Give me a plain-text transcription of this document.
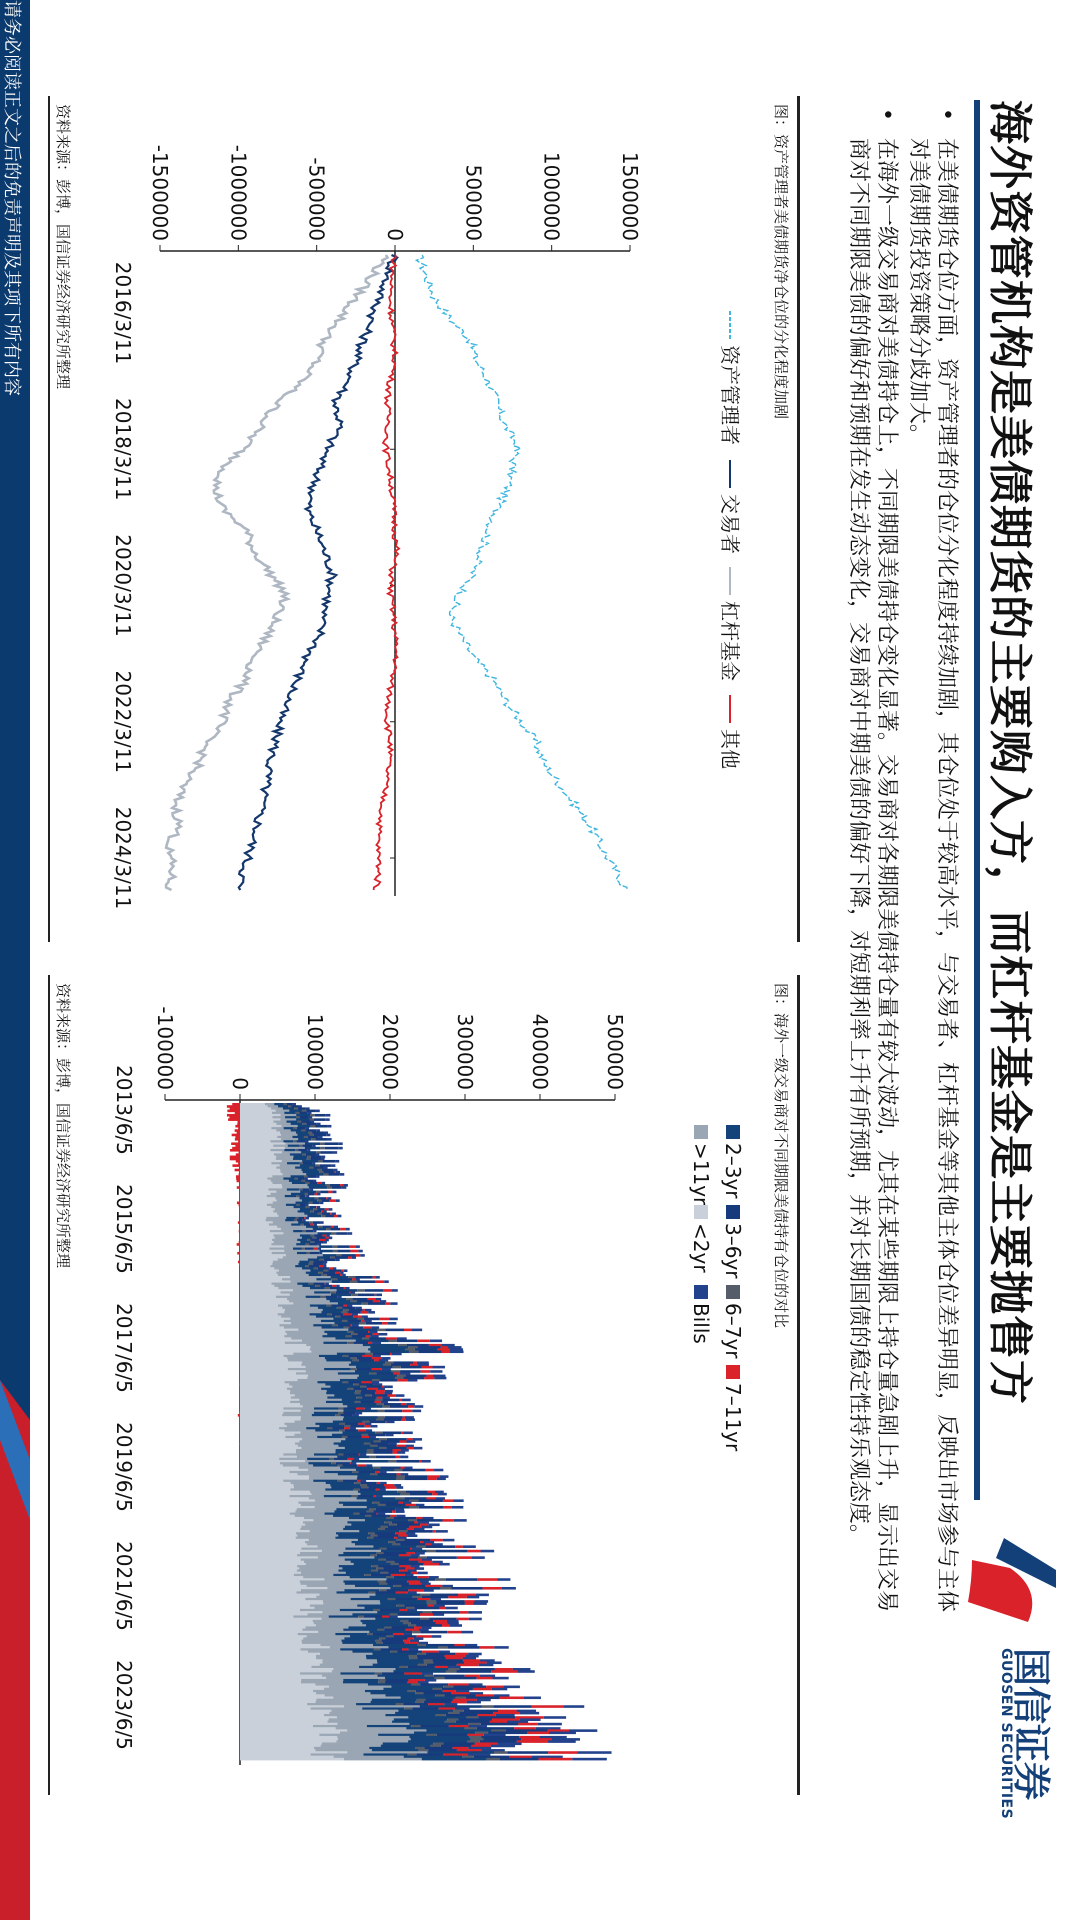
海外资管机构是美债期货的主要购入方，而杠杆基金是主要抛售方
国信证券
GUOSEN SECURITIES
•
在美债期货仓位方面，资产管理者的仓位分化程度持续加剧，其仓位处于较高水平，与交易者、杠杆基金等其他主体仓位差异明显，反映出市场参与主体对美债期货投资策略分歧加大。
•
在海外一级交易商对美债持仓上，不同期限美债持仓变化显著。交易商对各期限美债持仓量有较大波动，尤其在某些期限上持仓量急剧上升，显示出交易商对不同期限美债的偏好和预期在发生动态变化，交易商对中期美债的偏好下降，对短期利率上升有所预期，并对长期国债的稳定性持乐观态度。
图：资产管理者美债期货净仓位的分化程度加剧
1500000
1000000
500000
0
-500000
-1000000
-1500000
2016/3/11
2018/3/11
2020/3/11
2022/3/11
2024/3/11
资产管理者
交易者
杠杆基金
其他
资料来源：彭博，国信证券经济研究所整理
图：海外一级交易商对不同期限美债持有仓位的对比
500000
400000
300000
200000
100000
0
-100000
2013/6/5
2015/6/5
2017/6/5
2019/6/5
2021/6/5
2023/6/5
2–3yr
3–6yr
6–7yr
7–11yr
>11yr
<2yr
Bills
资料来源：彭博，国信证券经济研究所整理
请务必阅读正文之后的免责声明及其项下所有内容
